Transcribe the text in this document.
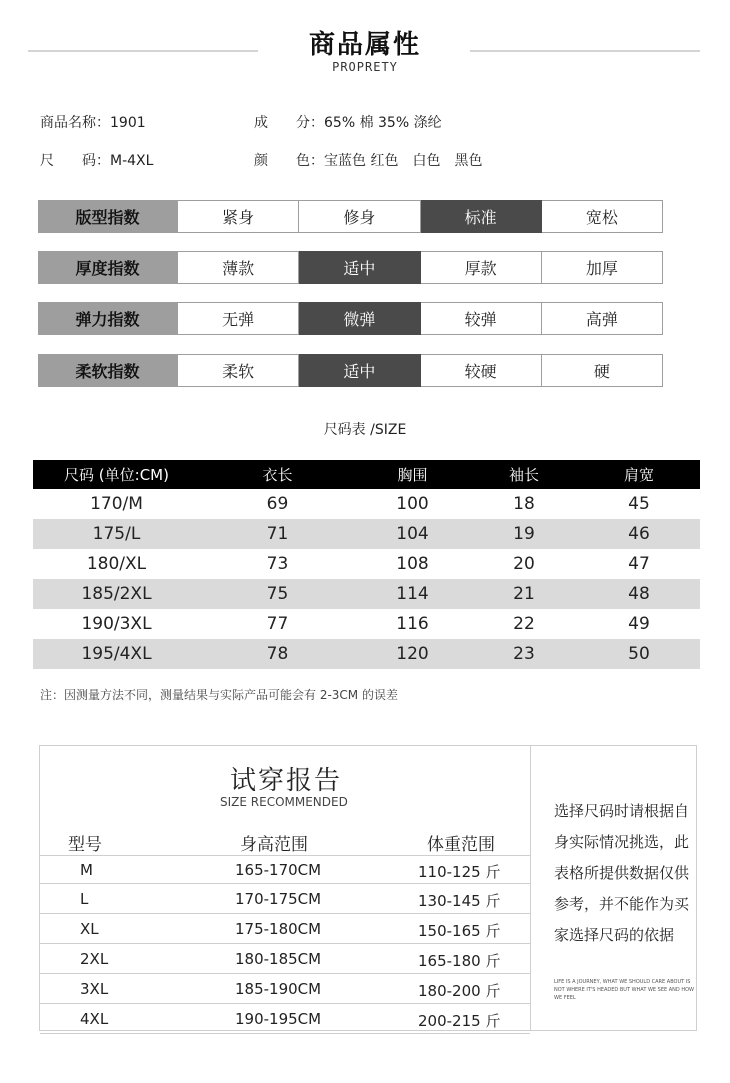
商品属性
PROPRETY
商品名称：1901	成　　分：65% 棉 35% 涤纶
尺　　码：M-4XL	颜　　色：宝蓝色 红色　白色　黑色
版型指数	紧身	修身	标准	宽松
厚度指数	薄款	适中	厚款	加厚
弹力指数	无弹	微弹	较弹	高弹
柔软指数	柔软	适中	较硬	硬
尺码表 /SIZE
尺码 (单位:CM)	衣长	胸围	袖长	肩宽
170/M	69	100	18	45
175/L	71	104	19	46
180/XL	73	108	20	47
185/2XL	75	114	21	48
190/3XL	77	116	22	49
195/4XL	78	120	23	50
注：因测量方法不同，测量结果与实际产品可能会有 2-3CM 的误差
试穿报告
SIZE RECOMMENDED
型号	身高范围	体重范围
M	165-170CM	110-125 斤
L	170-175CM	130-145 斤
XL	175-180CM	150-165 斤
2XL	180-185CM	165-180 斤
3XL	185-190CM	180-200 斤
4XL	190-195CM	200-215 斤
选择尺码时请根据自身实际情况挑选，此表格所提供数据仅供参考，并不能作为买家选择尺码的依据
LIFE IS A JOURNEY, WHAT WE SHOULD CARE ABOUT IS NOT WHERE IT'S HEADED BUT WHAT WE SEE AND HOW WE FEEL
